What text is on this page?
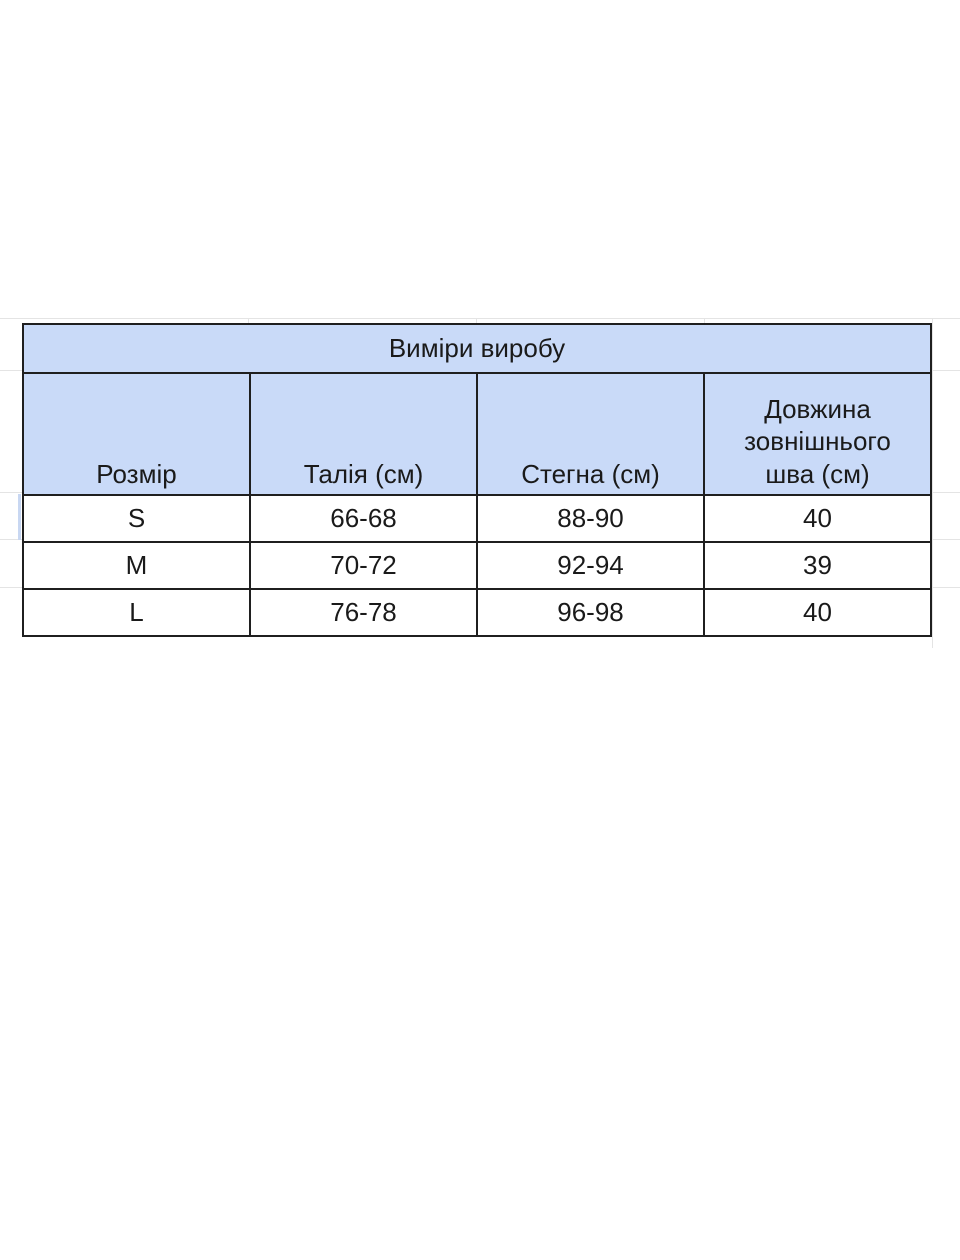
Виміри виробу			
Розмір	Талія (см)	Стегна (см)	Довжина
зовнішнього
шва (см)

S	66-68	88-90	40
M	70-72	92-94	39
L	76-78	96-98	40
